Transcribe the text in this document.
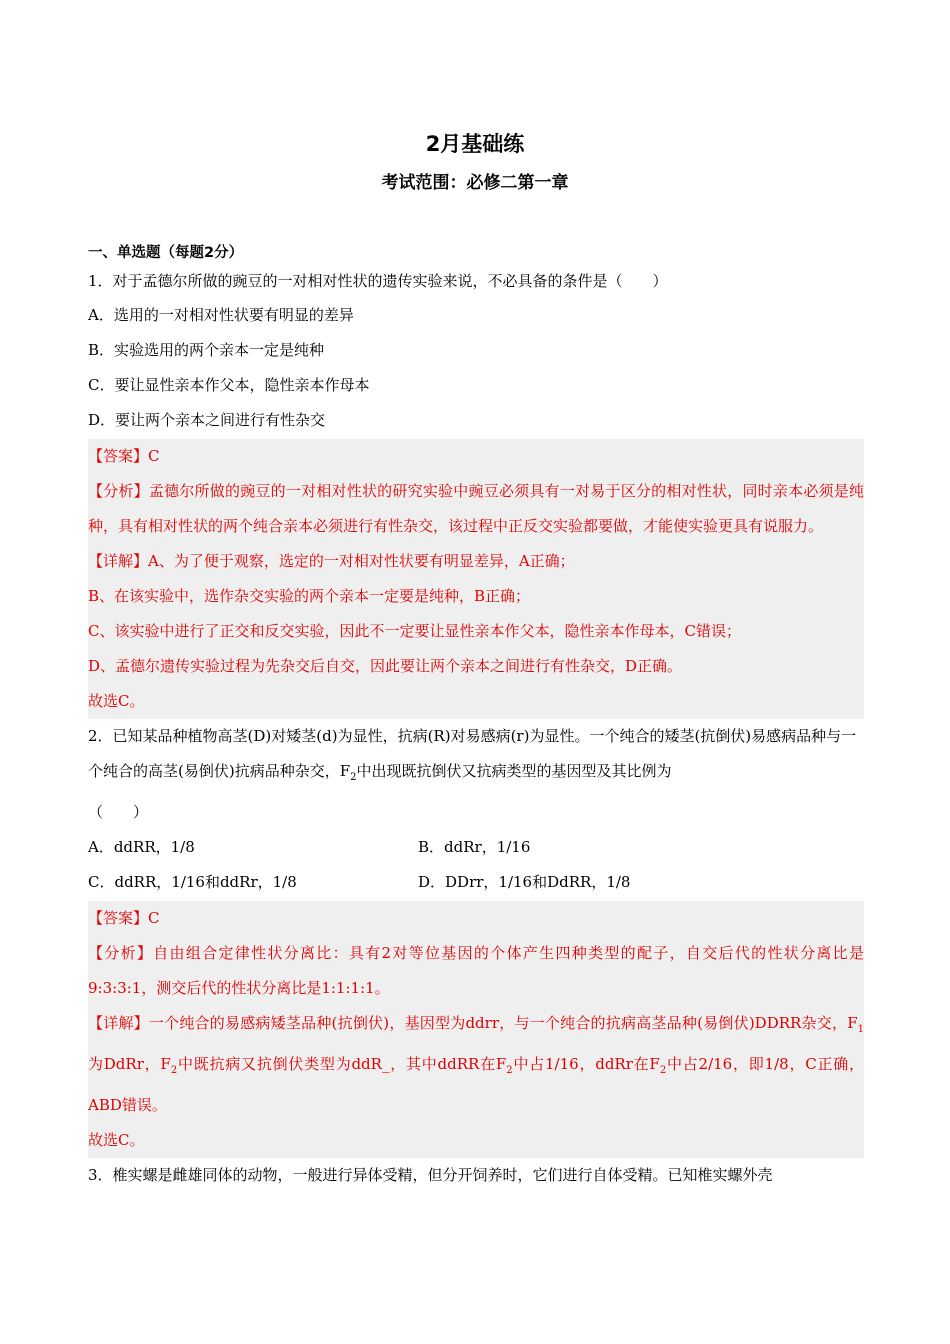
2月基础练
考试范围：必修二第一章
一、单选题（每题2分）
1．对于孟德尔所做的豌豆的一对相对性状的遗传实验来说，不必具备的条件是（　　）
A．选用的一对相对性状要有明显的差异
B．实验选用的两个亲本一定是纯种
C．要让显性亲本作父本，隐性亲本作母本
D．要让两个亲本之间进行有性杂交
【答案】C
【分析】孟德尔所做的豌豆的一对相对性状的研究实验中豌豆必须具有一对易于区分的相对性状，同时亲本必须是纯种，具有相对性状的两个纯合亲本必须进行有性杂交，该过程中正反交实验都要做，才能使实验更具有说服力。
【详解】A、为了便于观察，选定的一对相对性状要有明显差异，A正确；
B、在该实验中，选作杂交实验的两个亲本一定要是纯种，B正确；
C、该实验中进行了正交和反交实验，因此不一定要让显性亲本作父本，隐性亲本作母本，C错误；
D、孟德尔遗传实验过程为先杂交后自交，因此要让两个亲本之间进行有性杂交，D正确。
故选C。
2．已知某品种植物高茎(D)对矮茎(d)为显性，抗病(R)对易感病(r)为显性。一个纯合的矮茎(抗倒伏)易感病品种与一个纯合的高茎(易倒伏)抗病品种杂交，$F_2$中出现既抗倒伏又抗病类型的基因型及其比例为
（　　）
A．ddRR，1/8	B．ddRr，1/16
C．ddRR，1/16和ddRr，1/8	D．DDrr，1/16和DdRR，1/8
【答案】C
【分析】自由组合定律性状分离比：具有2对等位基因的个体产生四种类型的配子，自交后代的性状分离比是9:3:3:1，测交后代的性状分离比是1:1:1:1。
【详解】一个纯合的易感病矮茎品种(抗倒伏)，基因型为ddrr，与一个纯合的抗病高茎品种(易倒伏)DDRR杂交，$F_1$为DdRr，$F_2$中既抗病又抗倒伏类型为ddR_，其中ddRR在$F_2$中占1/16，ddRr在$F_2$中占2/16，即1/8，C正确，ABD错误。
故选C。
3．椎实螺是雌雄同体的动物，一般进行异体受精，但分开饲养时，它们进行自体受精。已知椎实螺外壳
